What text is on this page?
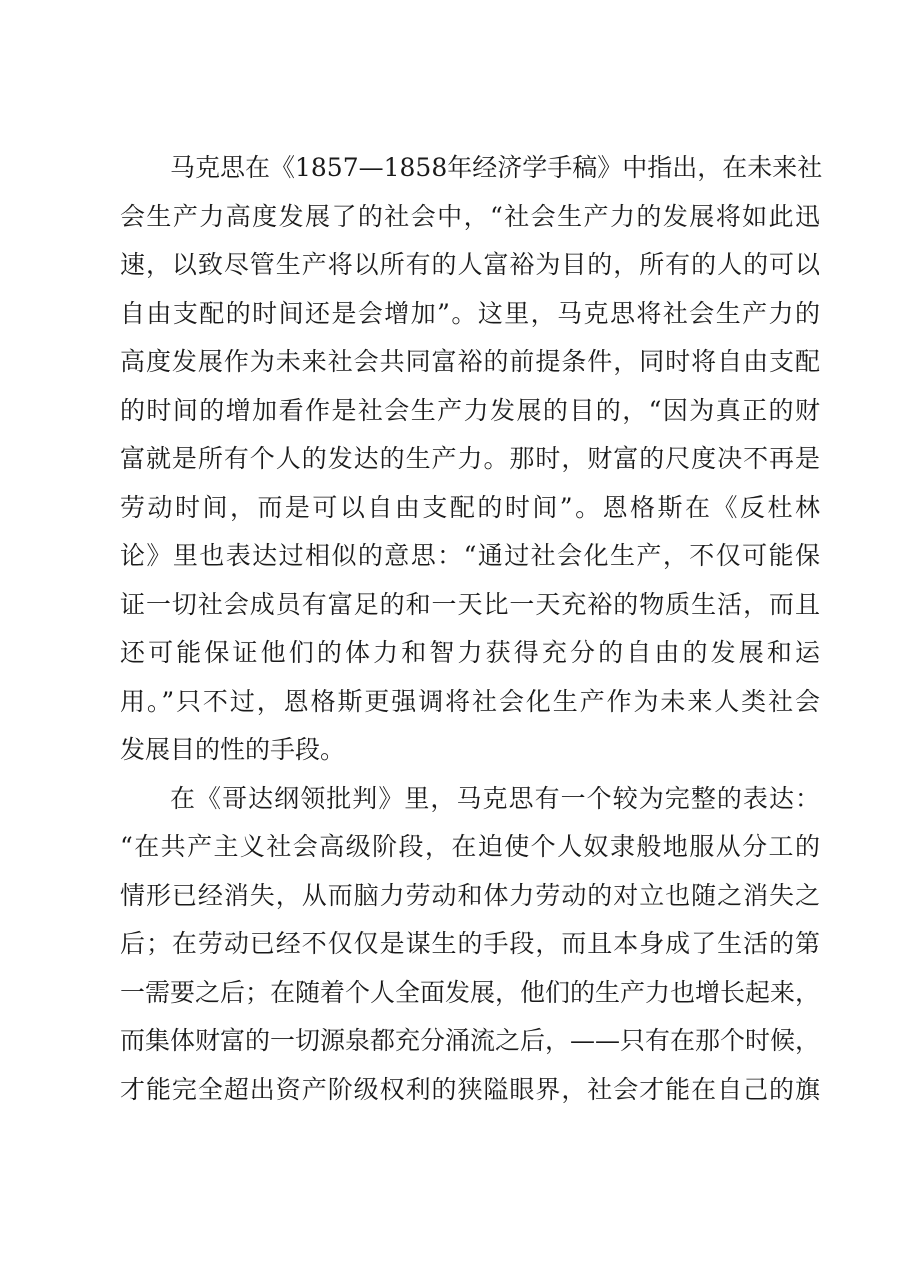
马克思在《1857—1858年经济学手稿》中指出，在未来社
会生产力高度发展了的社会中，“社会生产力的发展将如此迅
速，以致尽管生产将以所有的人富裕为目的，所有的人的可以
自由支配的时间还是会增加”。这里，马克思将社会生产力的
高度发展作为未来社会共同富裕的前提条件，同时将自由支配
的时间的增加看作是社会生产力发展的目的，“因为真正的财
富就是所有个人的发达的生产力。那时，财富的尺度决不再是
劳动时间，而是可以自由支配的时间”。恩格斯在《反杜林
论》里也表达过相似的意思：“通过社会化生产，不仅可能保
证一切社会成员有富足的和一天比一天充裕的物质生活，而且
还可能保证他们的体力和智力获得充分的自由的发展和运
用。”只不过，恩格斯更强调将社会化生产作为未来人类社会
发展目的性的手段。
在《哥达纲领批判》里，马克思有一个较为完整的表达：
“在共产主义社会高级阶段，在迫使个人奴隶般地服从分工的
情形已经消失，从而脑力劳动和体力劳动的对立也随之消失之
后；在劳动已经不仅仅是谋生的手段，而且本身成了生活的第
一需要之后；在随着个人全面发展，他们的生产力也增长起来，
而集体财富的一切源泉都充分涌流之后，——只有在那个时候，
才能完全超出资产阶级权利的狭隘眼界，社会才能在自己的旗
